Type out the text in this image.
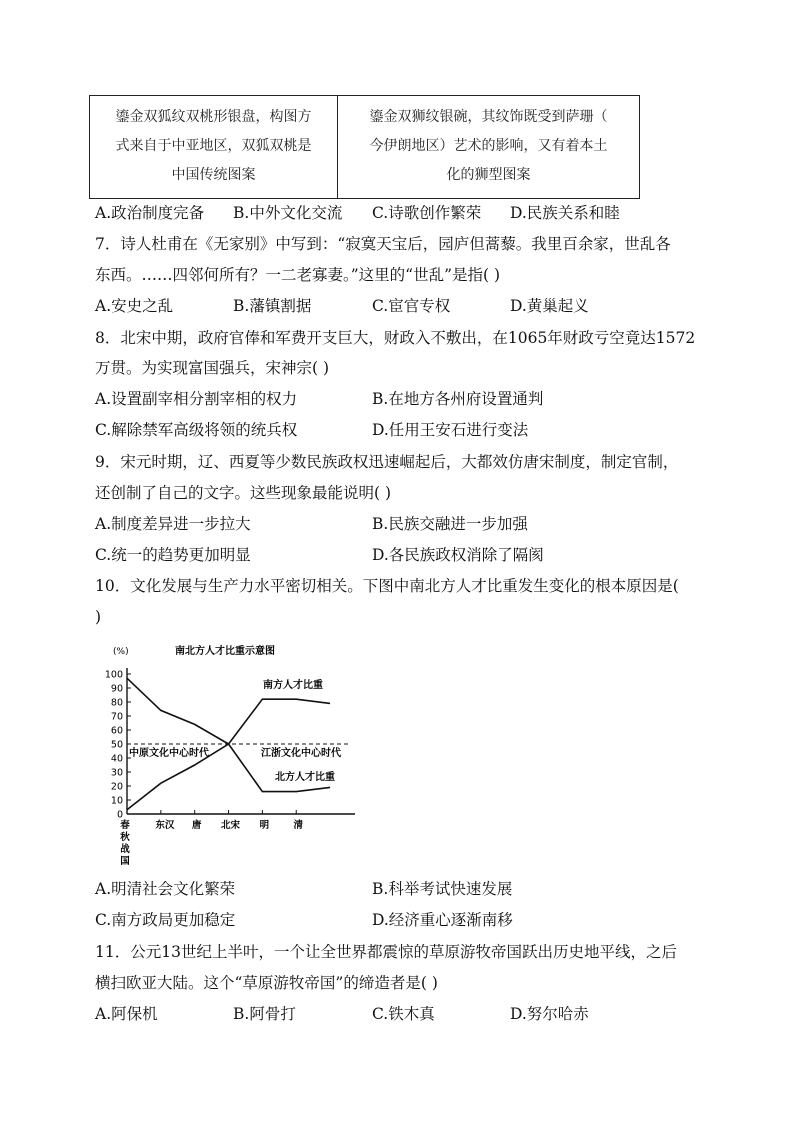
鎏金双狐纹双桃形银盘，构图方
式来自于中亚地区，双狐双桃是
中国传统图案
鎏金双狮纹银碗，其纹饰既受到萨珊（
今伊朗地区）艺术的影响，又有着本土
化的狮型图案
A.政治制度完备 B.中外文化交流 C.诗歌创作繁荣 D.民族关系和睦
7．诗人杜甫在《无家别》中写到：“寂寞天宝后，园庐但蒿藜。我里百余家，世乱各
东西。……四邻何所有？一二老寡妻。”这里的“世乱”是指( )
A.安史之乱	B.藩镇割据	C.宦官专权	D.黄巢起义
8．北宋中期，政府官俸和军费开支巨大，财政入不敷出，在1065年财政亏空竟达1572
万贯。为实现富国强兵，宋神宗( )
A.设置副宰相分割宰相的权力	B.在地方各州府设置通判
C.解除禁军高级将领的统兵权	D.任用王安石进行变法
9．宋元时期，辽、西夏等少数民族政权迅速崛起后，大都效仿唐宋制度，制定官制，
还创制了自己的文字。这些现象最能说明( )
A.制度差异进一步拉大	B.民族交融进一步加强
C.统一的趋势更加明显	D.各民族政权消除了隔阂
10．文化发展与生产力水平密切相关。下图中南北方人才比重发生变化的根本原因是(
)
(%)	南北方人才比重示意图
0
10
20
30
40
50
60
70
80
90
100
春
秋
战
国
东汉 唐 北宋 明	清
南方人才比重
北方人才比重
中原文化中心时代	江浙文化中心时代
A.明清社会文化繁荣	B.科举考试快速发展
C.南方政局更加稳定	D.经济重心逐渐南移
11．公元13世纪上半叶，一个让全世界都震惊的草原游牧帝国跃出历史地平线，之后
横扫欧亚大陆。这个“草原游牧帝国”的缔造者是( )
A.阿保机	B.阿骨打	C.铁木真	D.努尔哈赤
